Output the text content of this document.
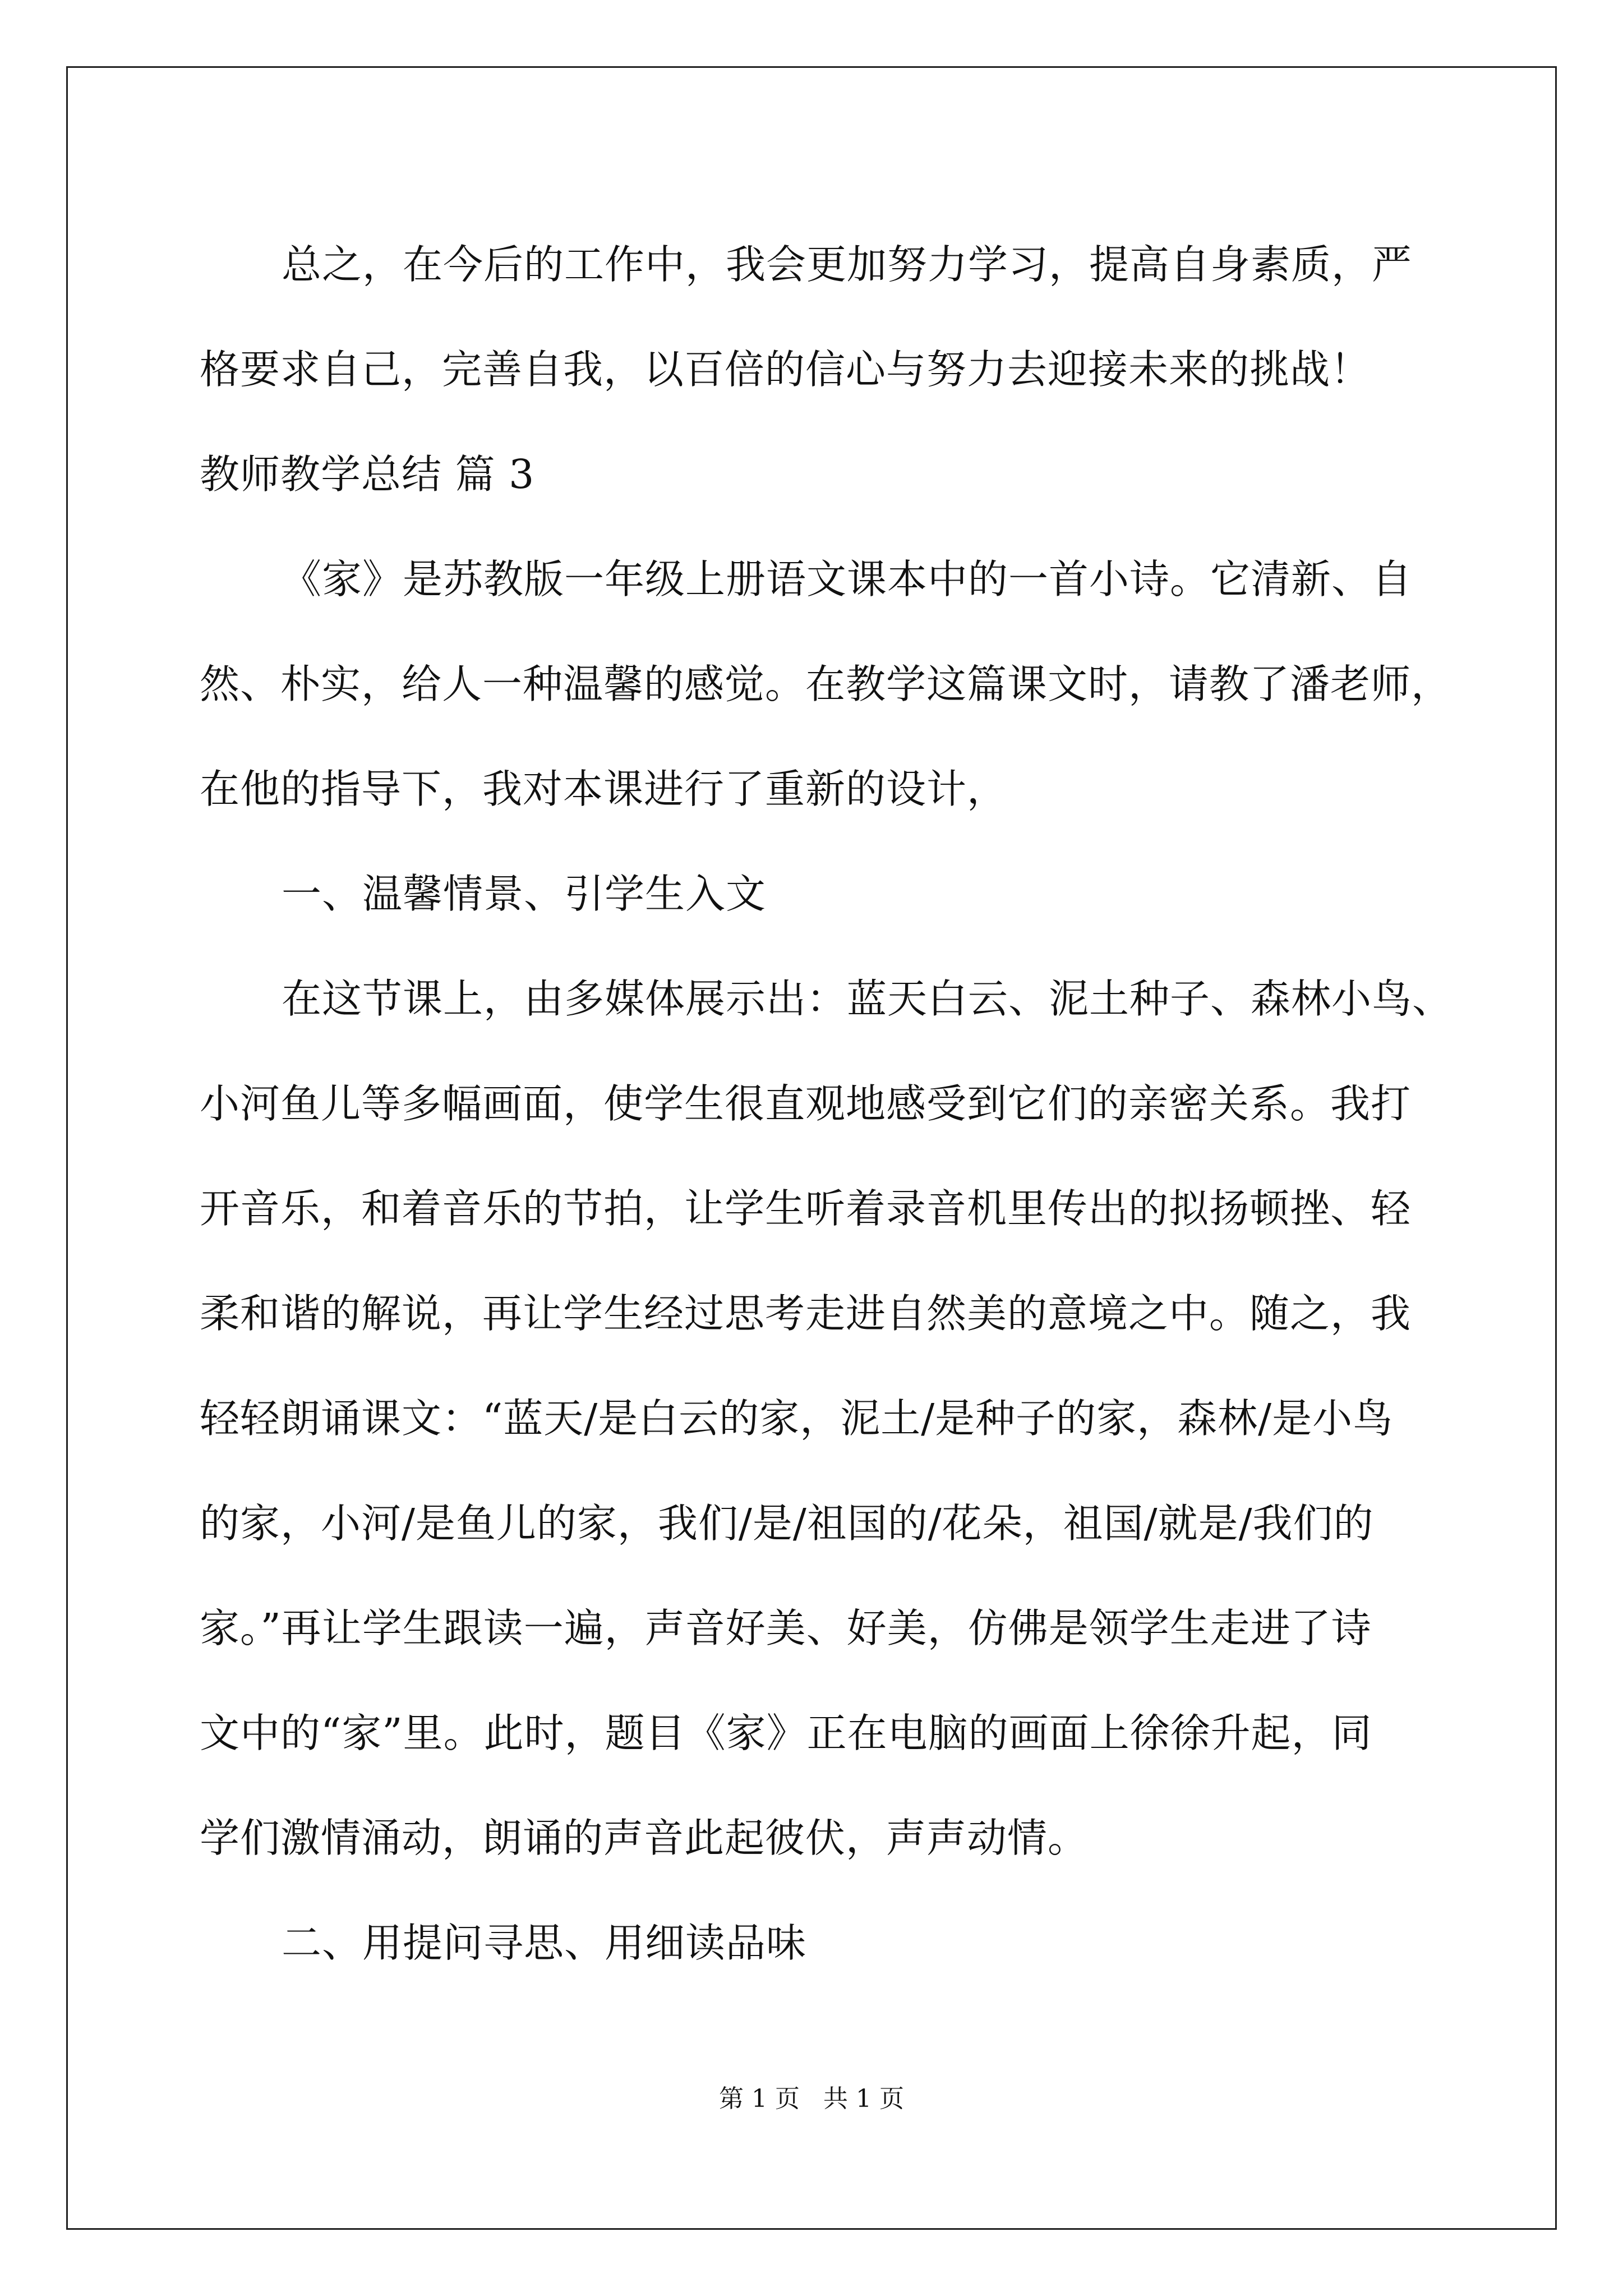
总之，在今后的工作中，我会更加努力学习，提高自身素质，严

格要求自己，完善自我，以百倍的信心与努力去迎接未来的挑战！

教师教学总结 篇 3

《家》是苏教版一年级上册语文课本中的一首小诗。它清新、自

然、朴实，给人一种温馨的感觉。在教学这篇课文时，请教了潘老师，

在他的指导下，我对本课进行了重新的设计，

一、温馨情景、引学生入文

在这节课上，由多媒体展示出：蓝天白云、泥土种子、森林小鸟、

小河鱼儿等多幅画面，使学生很直观地感受到它们的亲密关系。我打

开音乐，和着音乐的节拍，让学生听着录音机里传出的拟扬顿挫、轻

柔和谐的解说，再让学生经过思考走进自然美的意境之中。随之，我

轻轻朗诵课文：“蓝天/是白云的家，泥土/是种子的家，森林/是小鸟

的家，小河/是鱼儿的家，我们/是/祖国的/花朵，祖国/就是/我们的

家。”再让学生跟读一遍，声音好美、好美，仿佛是领学生走进了诗

文中的“家”里。此时，题目《家》正在电脑的画面上徐徐升起，同

学们激情涌动，朗诵的声音此起彼伏，声声动情。

二、用提问寻思、用细读品味

第 1 页   共 1 页
